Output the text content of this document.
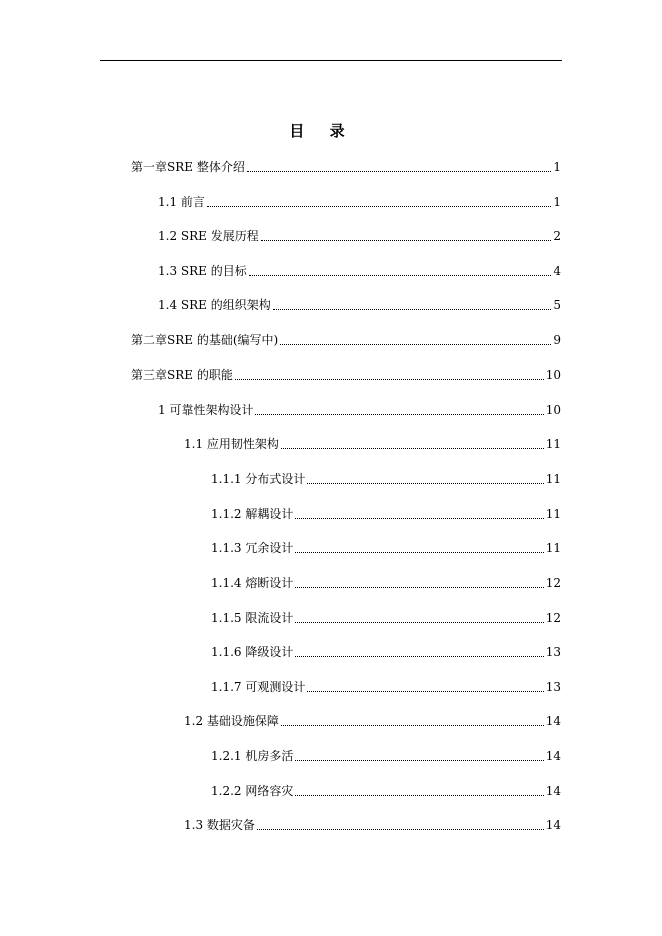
目 录
第一章SRE 整体介绍	1
1.1 前言	1
1.2 SRE 发展历程	2
1.3 SRE 的目标	4
1.4 SRE 的组织架构	5
第二章SRE 的基础(编写中)	9
第三章SRE 的职能	10
1 可靠性架构设计	10
1.1 应用韧性架构	11
1.1.1 分布式设计	11
1.1.2 解耦设计	11
1.1.3 冗余设计	11
1.1.4 熔断设计	12
1.1.5 限流设计	12
1.1.6 降级设计	13
1.1.7 可观测设计	13
1.2 基础设施保障	14
1.2.1 机房多活	14
1.2.2 网络容灾	14
1.3 数据灾备	14
